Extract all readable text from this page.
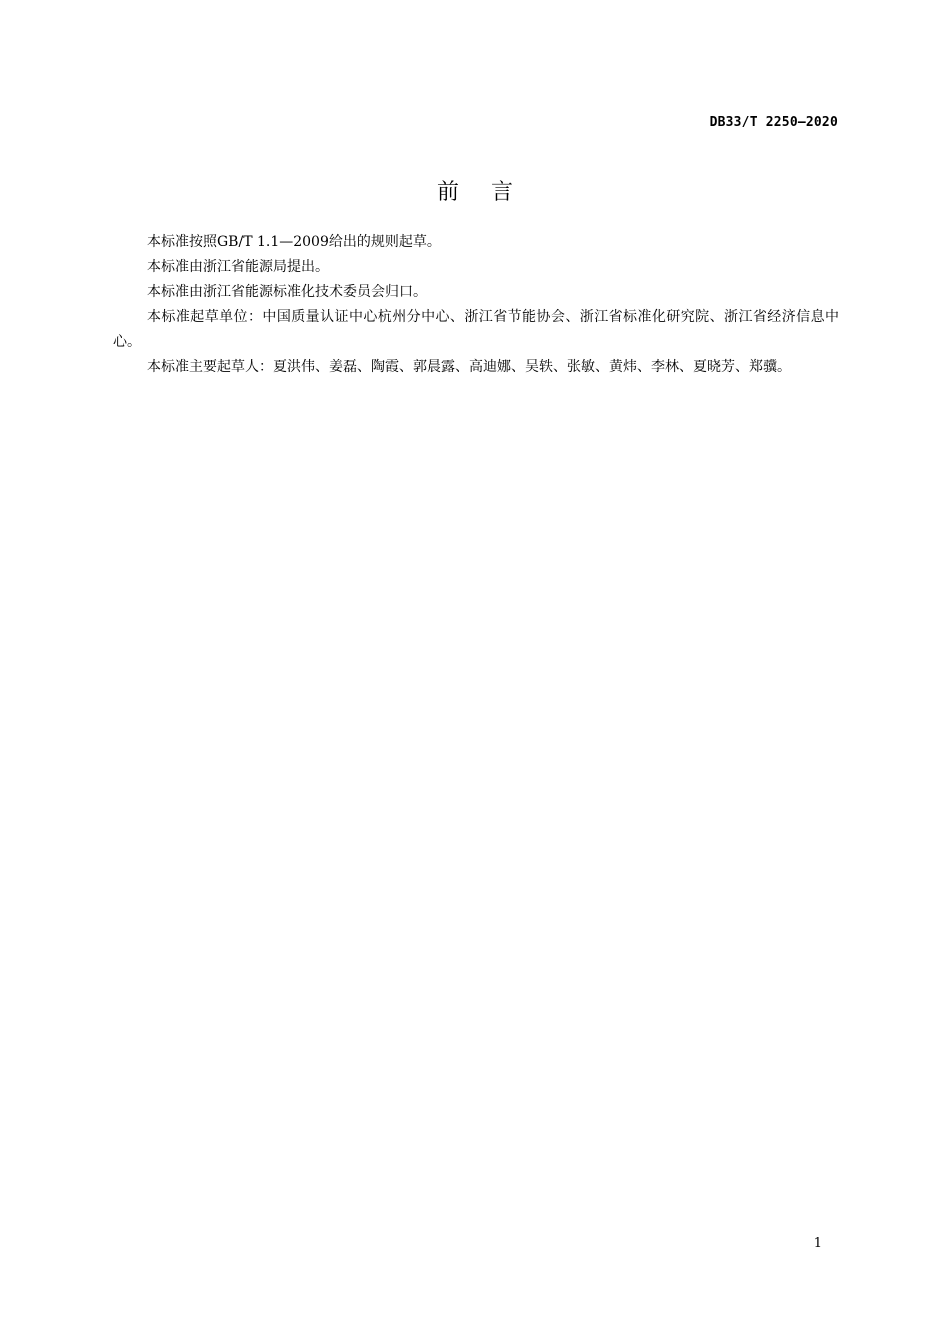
DB33/T 2250—2020
前 言

本标准按照GB/T 1.1—2009给出的规则起草。

本标准由浙江省能源局提出。

本标准由浙江省能源标准化技术委员会归口。

本标准起草单位：中国质量认证中心杭州分中心、浙江省节能协会、浙江省标准化研究院、浙江省经济信息中心。

本标准主要起草人：夏洪伟、姜磊、陶霞、郭晨露、高迪娜、吴轶、张敏、黄炜、李林、夏晓芳、郑骥。

1
